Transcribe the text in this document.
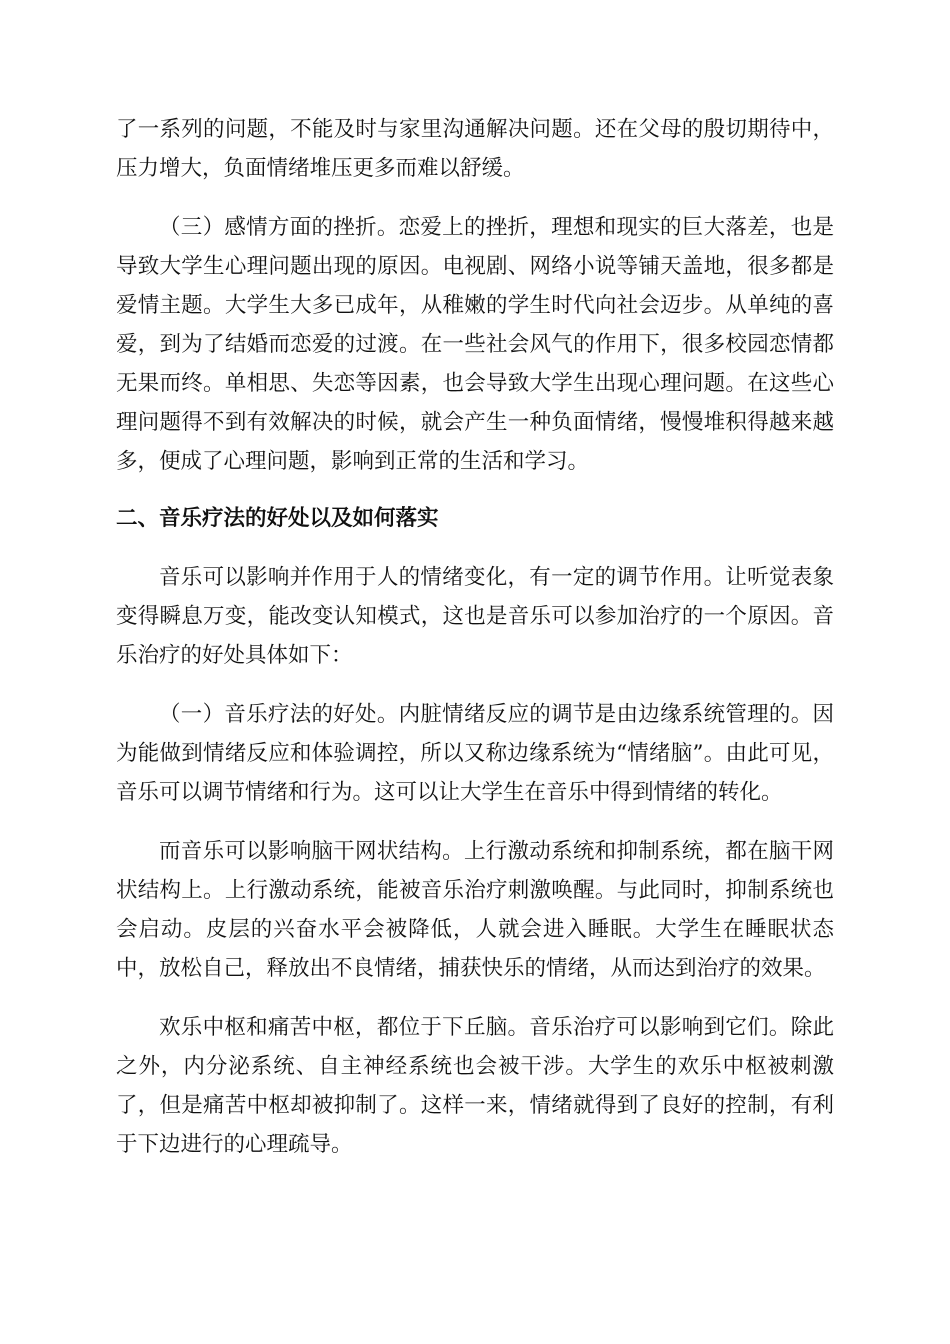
了一系列的问题，不能及时与家里沟通解决问题。还在父母的殷切期待中，压力增大，负面情绪堆压更多而难以舒缓。

（三）感情方面的挫折。恋爱上的挫折，理想和现实的巨大落差，也是导致大学生心理问题出现的原因。电视剧、网络小说等铺天盖地，很多都是爱情主题。大学生大多已成年，从稚嫩的学生时代向社会迈步。从单纯的喜爱，到为了结婚而恋爱的过渡。在一些社会风气的作用下，很多校园恋情都无果而终。单相思、失恋等因素，也会导致大学生出现心理问题。在这些心理问题得不到有效解决的时候，就会产生一种负面情绪，慢慢堆积得越来越多，便成了心理问题，影响到正常的生活和学习。

二、音乐疗法的好处以及如何落实

音乐可以影响并作用于人的情绪变化，有一定的调节作用。让听觉表象变得瞬息万变，能改变认知模式，这也是音乐可以参加治疗的一个原因。音乐治疗的好处具体如下：

（一）音乐疗法的好处。内脏情绪反应的调节是由边缘系统管理的。因为能做到情绪反应和体验调控，所以又称边缘系统为“情绪脑”。由此可见，音乐可以调节情绪和行为。这可以让大学生在音乐中得到情绪的转化。

而音乐可以影响脑干网状结构。上行激动系统和抑制系统，都在脑干网状结构上。上行激动系统，能被音乐治疗刺激唤醒。与此同时，抑制系统也会启动。皮层的兴奋水平会被降低，人就会进入睡眠。大学生在睡眠状态中，放松自己，释放出不良情绪，捕获快乐的情绪，从而达到治疗的效果。

欢乐中枢和痛苦中枢，都位于下丘脑。音乐治疗可以影响到它们。除此之外，内分泌系统、自主神经系统也会被干涉。大学生的欢乐中枢被刺激了，但是痛苦中枢却被抑制了。这样一来，情绪就得到了良好的控制，有利于下边进行的心理疏导。
